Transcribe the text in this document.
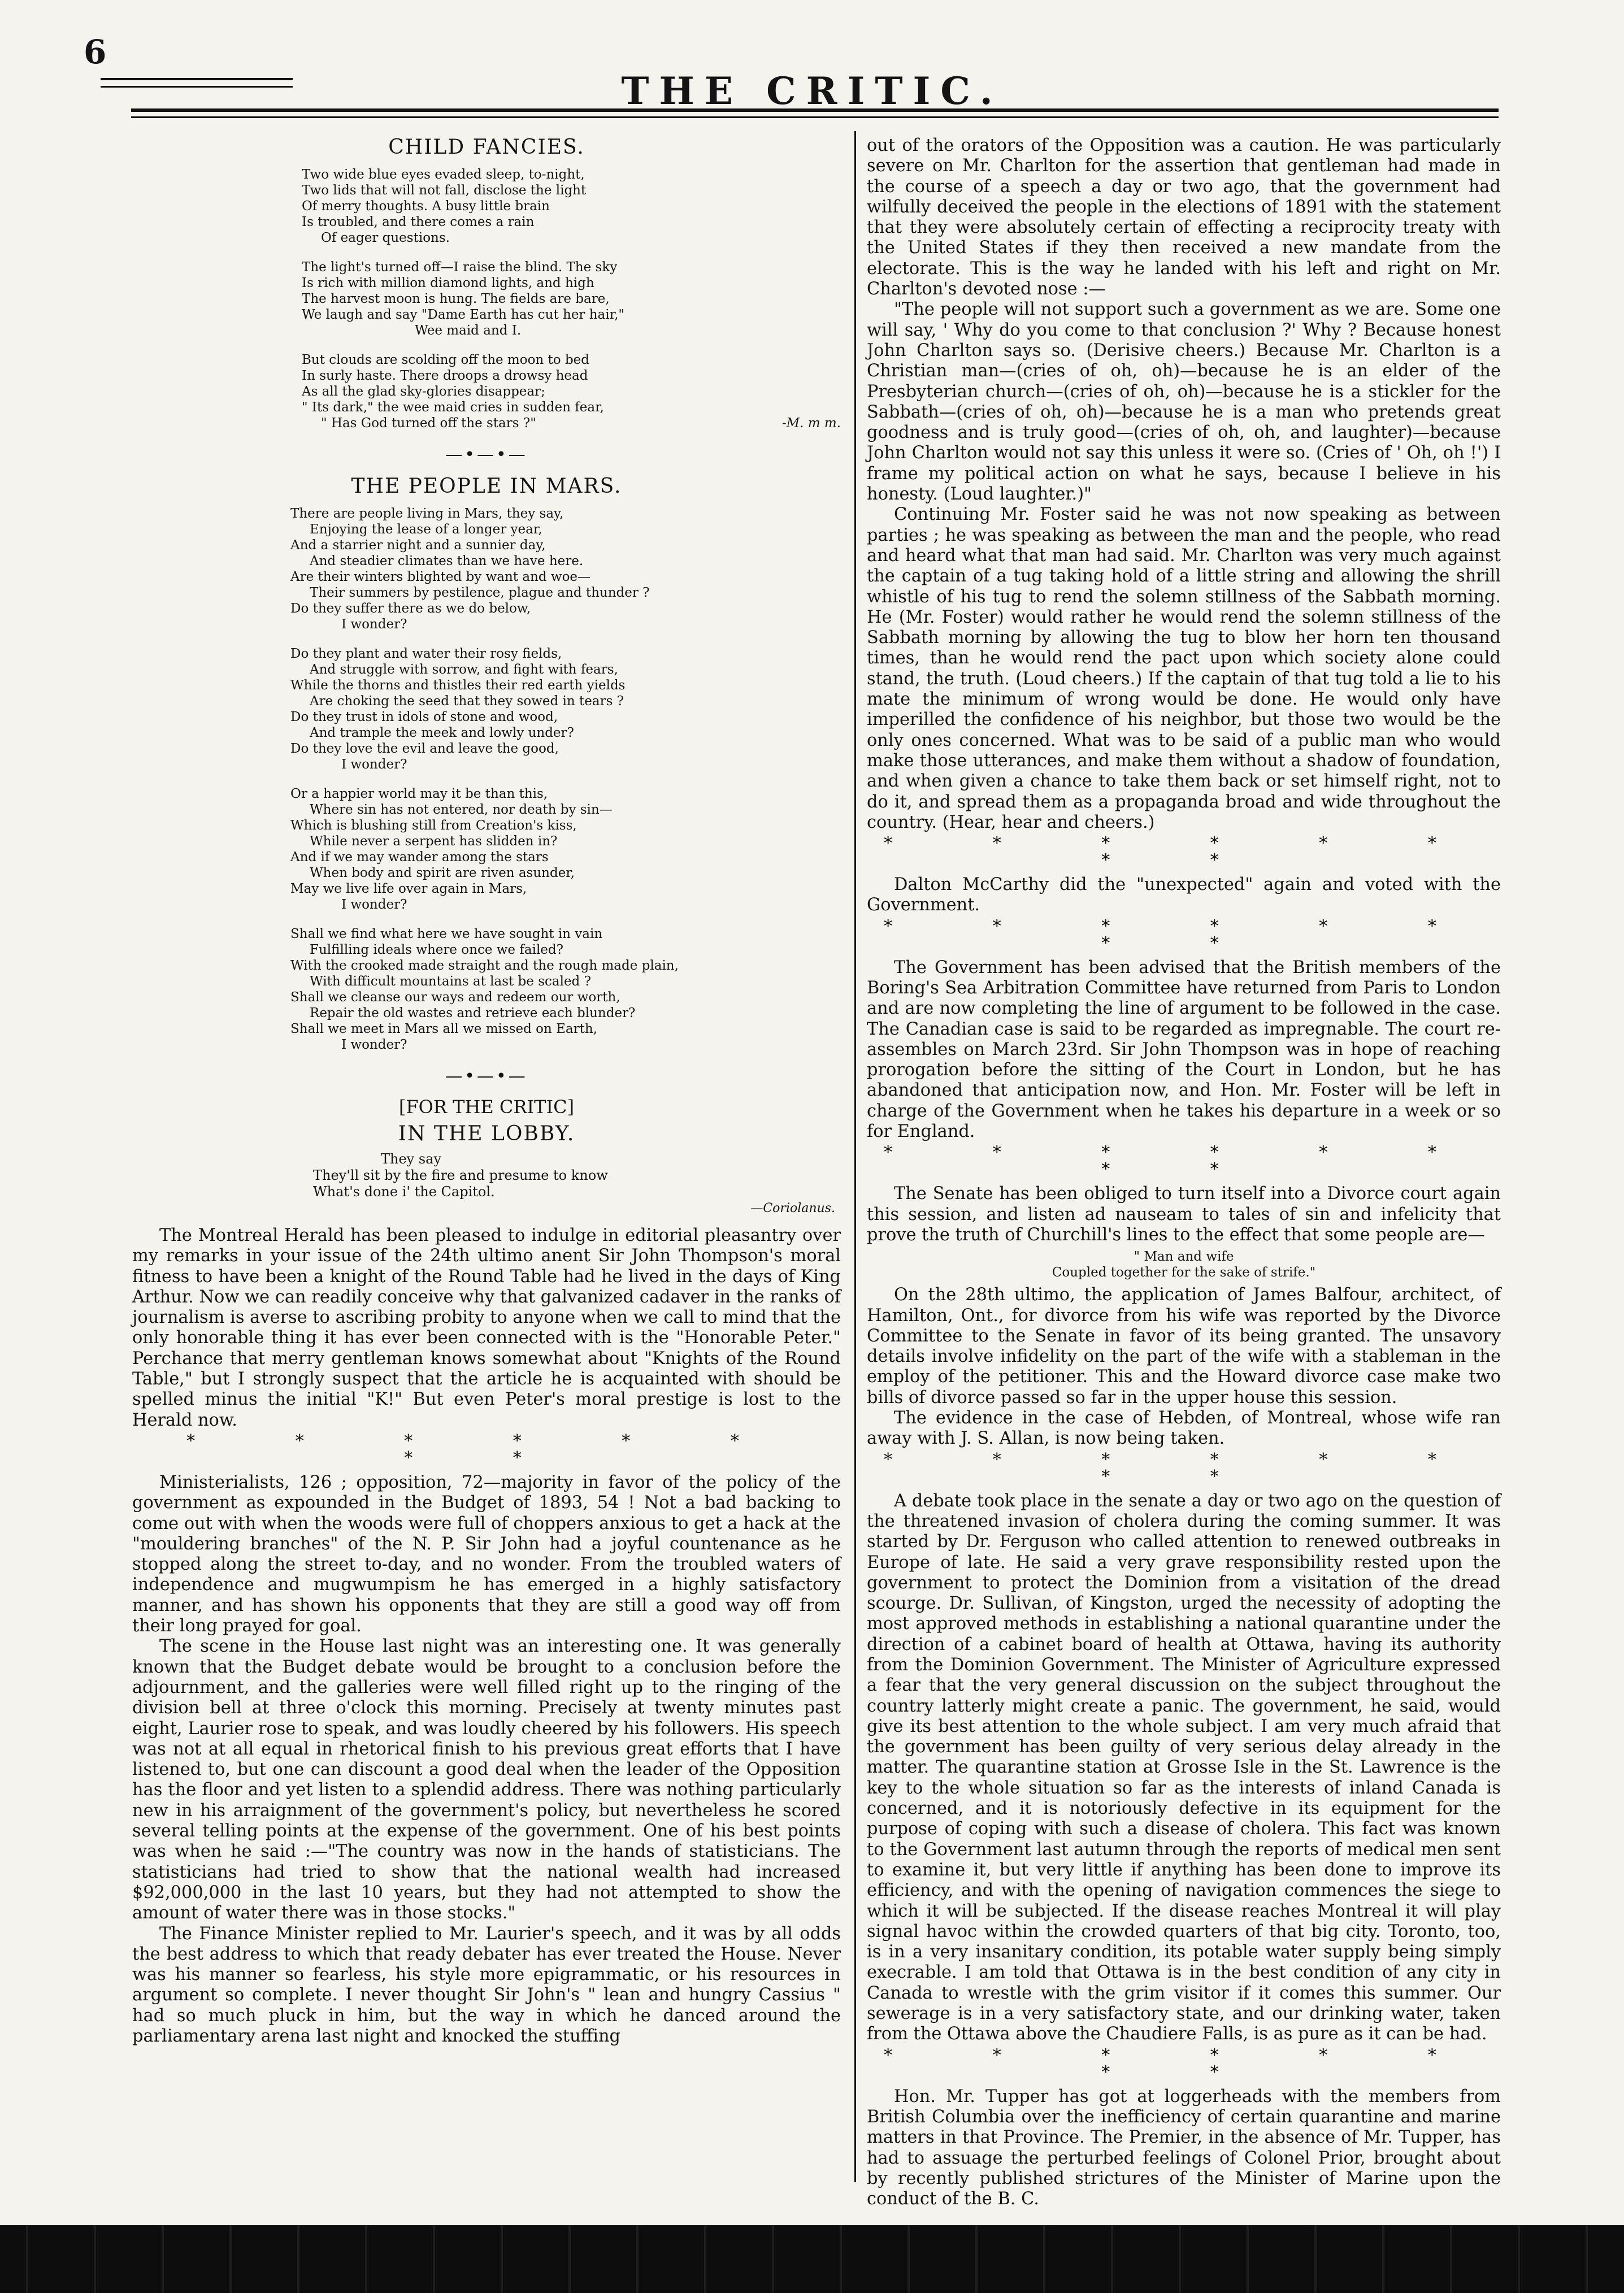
6
THE CRITIC.
CHILD FANCIES.
Two wide blue eyes evaded sleep, to-night,
Two lids that will not fall, disclose the light
Of merry thoughts. A busy little brain
Is troubled, and there comes a rain
Of eager questions.
The light's turned off—I raise the blind. The sky
Is rich with million diamond lights, and high
The harvest moon is hung. The fields are bare,
We laugh and say "Dame Earth has cut her hair,"
Wee maid and I.
But clouds are scolding off the moon to bed
In surly haste. There droops a drowsy head
As all the glad sky-glories disappear;
" Its dark," the wee maid cries in sudden fear,
" Has God turned off the stars ?"	-M. m m.
—•—•—
THE PEOPLE IN MARS.
There are people living in Mars, they say,
Enjoying the lease of a longer year,
And a starrier night and a sunnier day,
And steadier climates than we have here.
Are their winters blighted by want and woe—
Their summers by pestilence, plague and thunder ?
Do they suffer there as we do below,
I wonder?
Do they plant and water their rosy fields,
And struggle with sorrow, and fight with fears,
While the thorns and thistles their red earth yields
Are choking the seed that they sowed in tears ?
Do they trust in idols of stone and wood,
And trample the meek and lowly under?
Do they love the evil and leave the good,
I wonder?
Or a happier world may it be than this,
Where sin has not entered, nor death by sin—
Which is blushing still from Creation's kiss,
While never a serpent has slidden in?
And if we may wander among the stars
When body and spirit are riven asunder,
May we live life over again in Mars,
I wonder?
Shall we find what here we have sought in vain
Fulfilling ideals where once we failed?
With the crooked made straight and the rough made plain,
With difficult mountains at last be scaled ?
Shall we cleanse our ways and redeem our worth,
Repair the old wastes and retrieve each blunder?
Shall we meet in Mars all we missed on Earth,
I wonder?
—•—•—
[FOR THE CRITIC]
IN THE LOBBY.
They say
They'll sit by the fire and presume to know
What's done i' the Capitol.
—Coriolanus.

The Montreal Herald has been pleased to indulge in editorial pleasantry over my remarks in your issue of the 24th ultimo anent Sir John Thompson's moral fitness to have been a knight of the Round Table had he lived in the days of King Arthur. Now we can readily conceive why that galvanized cadaver in the ranks of journalism is averse to ascribing probity to anyone when we call to mind that the only honorable thing it has ever been connected with is the "Honorable Peter." Perchance that merry gentleman knows somewhat about "Knights of the Round Table," but I strongly suspect that the article he is acquainted with should be spelled minus the initial "K!" But even Peter's moral prestige is lost to the Herald now.

* * * * * * * *

Ministerialists, 126 ; opposition, 72—majority in favor of the policy of the government as expounded in the Budget of 1893, 54 ! Not a bad backing to come out with when the woods were full of choppers anxious to get a hack at the "mouldering branches" of the N. P. Sir John had a joyful countenance as he stopped along the street to-day, and no wonder. From the troubled waters of independence and mugwumpism he has emerged in a highly satisfactory manner, and has shown his opponents that they are still a good way off from their long prayed for goal.

The scene in the House last night was an interesting one. It was generally known that the Budget debate would be brought to a conclusion before the adjournment, and the galleries were well filled right up to the ringing of the division bell at three o'clock this morning. Precisely at twenty minutes past eight, Laurier rose to speak, and was loudly cheered by his followers. His speech was not at all equal in rhetorical finish to his previous great efforts that I have listened to, but one can discount a good deal when the leader of the Opposition has the floor and yet listen to a splendid address. There was nothing particularly new in his arraignment of the government's policy, but nevertheless he scored several telling points at the expense of the government. One of his best points was when he said :—"The country was now in the hands of statisticians. The statisticians had tried to show that the national wealth had increased $92,000,000 in the last 10 years, but they had not attempted to show the amount of water there was in those stocks."

The Finance Minister replied to Mr. Laurier's speech, and it was by all odds the best address to which that ready debater has ever treated the House. Never was his manner so fearless, his style more epigrammatic, or his resources in argument so complete. I never thought Sir John's " lean and hungry Cassius " had so much pluck in him, but the way in which he danced around the parliamentary arena last night and knocked the stuffing

out of the orators of the Opposition was a caution. He was particularly severe on Mr. Charlton for the assertion that gentleman had made in the course of a speech a day or two ago, that the government had wilfully deceived the people in the elections of 1891 with the statement that they were absolutely certain of effecting a reciprocity treaty with the United States if they then received a new mandate from the electorate. This is the way he landed with his left and right on Mr. Charlton's devoted nose :—

"The people will not support such a government as we are. Some one will say, ' Why do you come to that conclusion ?' Why ? Because honest John Charlton says so. (Derisive cheers.) Because Mr. Charlton is a Christian man—(cries of oh, oh)—because he is an elder of the Presbyterian church—(cries of oh, oh)—because he is a stickler for the Sabbath—(cries of oh, oh)—because he is a man who pretends great goodness and is truly good—(cries of oh, oh, and laughter)—because John Charlton would not say this unless it were so. (Cries of ' Oh, oh !') I frame my political action on what he says, because I believe in his honesty. (Loud laughter.)"

Continuing Mr. Foster said he was not now speaking as between parties ; he was speaking as between the man and the people, who read and heard what that man had said. Mr. Charlton was very much against the captain of a tug taking hold of a little string and allowing the shrill whistle of his tug to rend the solemn stillness of the Sabbath morning. He (Mr. Foster) would rather he would rend the solemn stillness of the Sabbath morning by allowing the tug to blow her horn ten thousand times, than he would rend the pact upon which society alone could stand, the truth. (Loud cheers.) If the captain of that tug told a lie to his mate the minimum of wrong would be done. He would only have imperilled the confidence of his neighbor, but those two would be the only ones concerned. What was to be said of a public man who would make those utterances, and make them without a shadow of foundation, and when given a chance to take them back or set himself right, not to do it, and spread them as a propaganda broad and wide throughout the country. (Hear, hear and cheers.)

* * * * * * * *

Dalton McCarthy did the "unexpected" again and voted with the Government.

* * * * * * * *

The Government has been advised that the British members of the Boring's Sea Arbitration Committee have returned from Paris to London and are now completing the line of argument to be followed in the case. The Canadian case is said to be regarded as impregnable. The court re-assembles on March 23rd. Sir John Thompson was in hope of reaching prorogation before the sitting of the Court in London, but he has abandoned that anticipation now, and Hon. Mr. Foster will be left in charge of the Government when he takes his departure in a week or so for England.

* * * * * * * *

The Senate has been obliged to turn itself into a Divorce court again this session, and listen ad nauseam to tales of sin and infelicity that prove the truth of Churchill's lines to the effect that some people are—

" Man and wife
Coupled together for the sake of strife."

On the 28th ultimo, the application of James Balfour, architect, of Hamilton, Ont., for divorce from his wife was reported by the Divorce Committee to the Senate in favor of its being granted. The unsavory details involve infidelity on the part of the wife with a stableman in the employ of the petitioner. This and the Howard divorce case make two bills of divorce passed so far in the upper house this session.

The evidence in the case of Hebden, of Montreal, whose wife ran away with J. S. Allan, is now being taken.

* * * * * * * *

A debate took place in the senate a day or two ago on the question of the threatened invasion of cholera during the coming summer. It was started by Dr. Ferguson who called attention to renewed outbreaks in Europe of late. He said a very grave responsibility rested upon the government to protect the Dominion from a visitation of the dread scourge. Dr. Sullivan, of Kingston, urged the necessity of adopting the most approved methods in establishing a national quarantine under the direction of a cabinet board of health at Ottawa, having its authority from the Dominion Government. The Minister of Agriculture expressed a fear that the very general discussion on the subject throughout the country latterly might create a panic. The government, he said, would give its best attention to the whole subject. I am very much afraid that the government has been guilty of very serious delay already in the matter. The quarantine station at Grosse Isle in the St. Lawrence is the key to the whole situation so far as the interests of inland Canada is concerned, and it is notoriously defective in its equipment for the purpose of coping with such a disease of cholera. This fact was known to the Government last autumn through the reports of medical men sent to examine it, but very little if anything has been done to improve its efficiency, and with the opening of navigation commences the siege to which it will be subjected. If the disease reaches Montreal it will play signal havoc within the crowded quarters of that big city. Toronto, too, is in a very insanitary condition, its potable water supply being simply execrable. I am told that Ottawa is in the best condition of any city in Canada to wrestle with the grim visitor if it comes this summer. Our sewerage is in a very satisfactory state, and our drinking water, taken from the Ottawa above the Chaudiere Falls, is as pure as it can be had.

* * * * * * * *

Hon. Mr. Tupper has got at loggerheads with the members from British Columbia over the inefficiency of certain quarantine and marine matters in that Province. The Premier, in the absence of Mr. Tupper, has had to assuage the perturbed feelings of Colonel Prior, brought about by recently published strictures of the Minister of Marine upon the conduct of the B. C.
